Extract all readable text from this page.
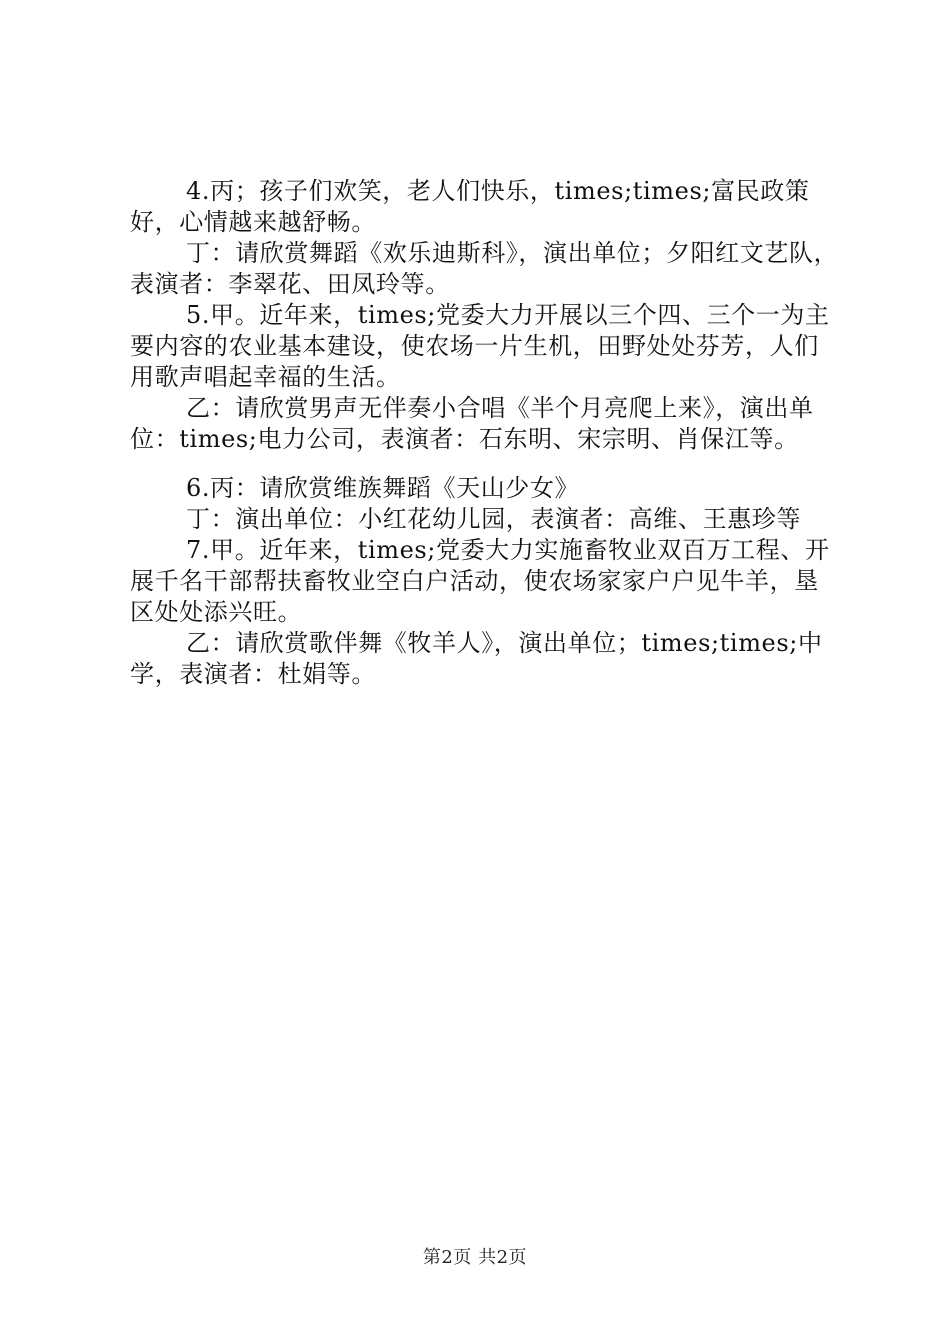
4.丙；孩子们欢笑，老人们快乐，times;times;富民政策好，心情越来越舒畅。

丁：请欣赏舞蹈《欢乐迪斯科》，演出单位；夕阳红文艺队，表演者：李翠花、田凤玲等。

5.甲。近年来，times;党委大力开展以三个四、三个一为主要内容的农业基本建设，使农场一片生机，田野处处芬芳，人们用歌声唱起幸福的生活。

乙：请欣赏男声无伴奏小合唱《半个月亮爬上来》，演出单位：times;电力公司，表演者：石东明、宋宗明、肖保江等。

6.丙：请欣赏维族舞蹈《天山少女》

丁：演出单位：小红花幼儿园，表演者：高维、王惠珍等

7.甲。近年来，times;党委大力实施畜牧业双百万工程、开展千名干部帮扶畜牧业空白户活动，使农场家家户户见牛羊，垦区处处添兴旺。

乙：请欣赏歌伴舞《牧羊人》，演出单位；times;times;中学，表演者：杜娟等。

第2页 共2页
